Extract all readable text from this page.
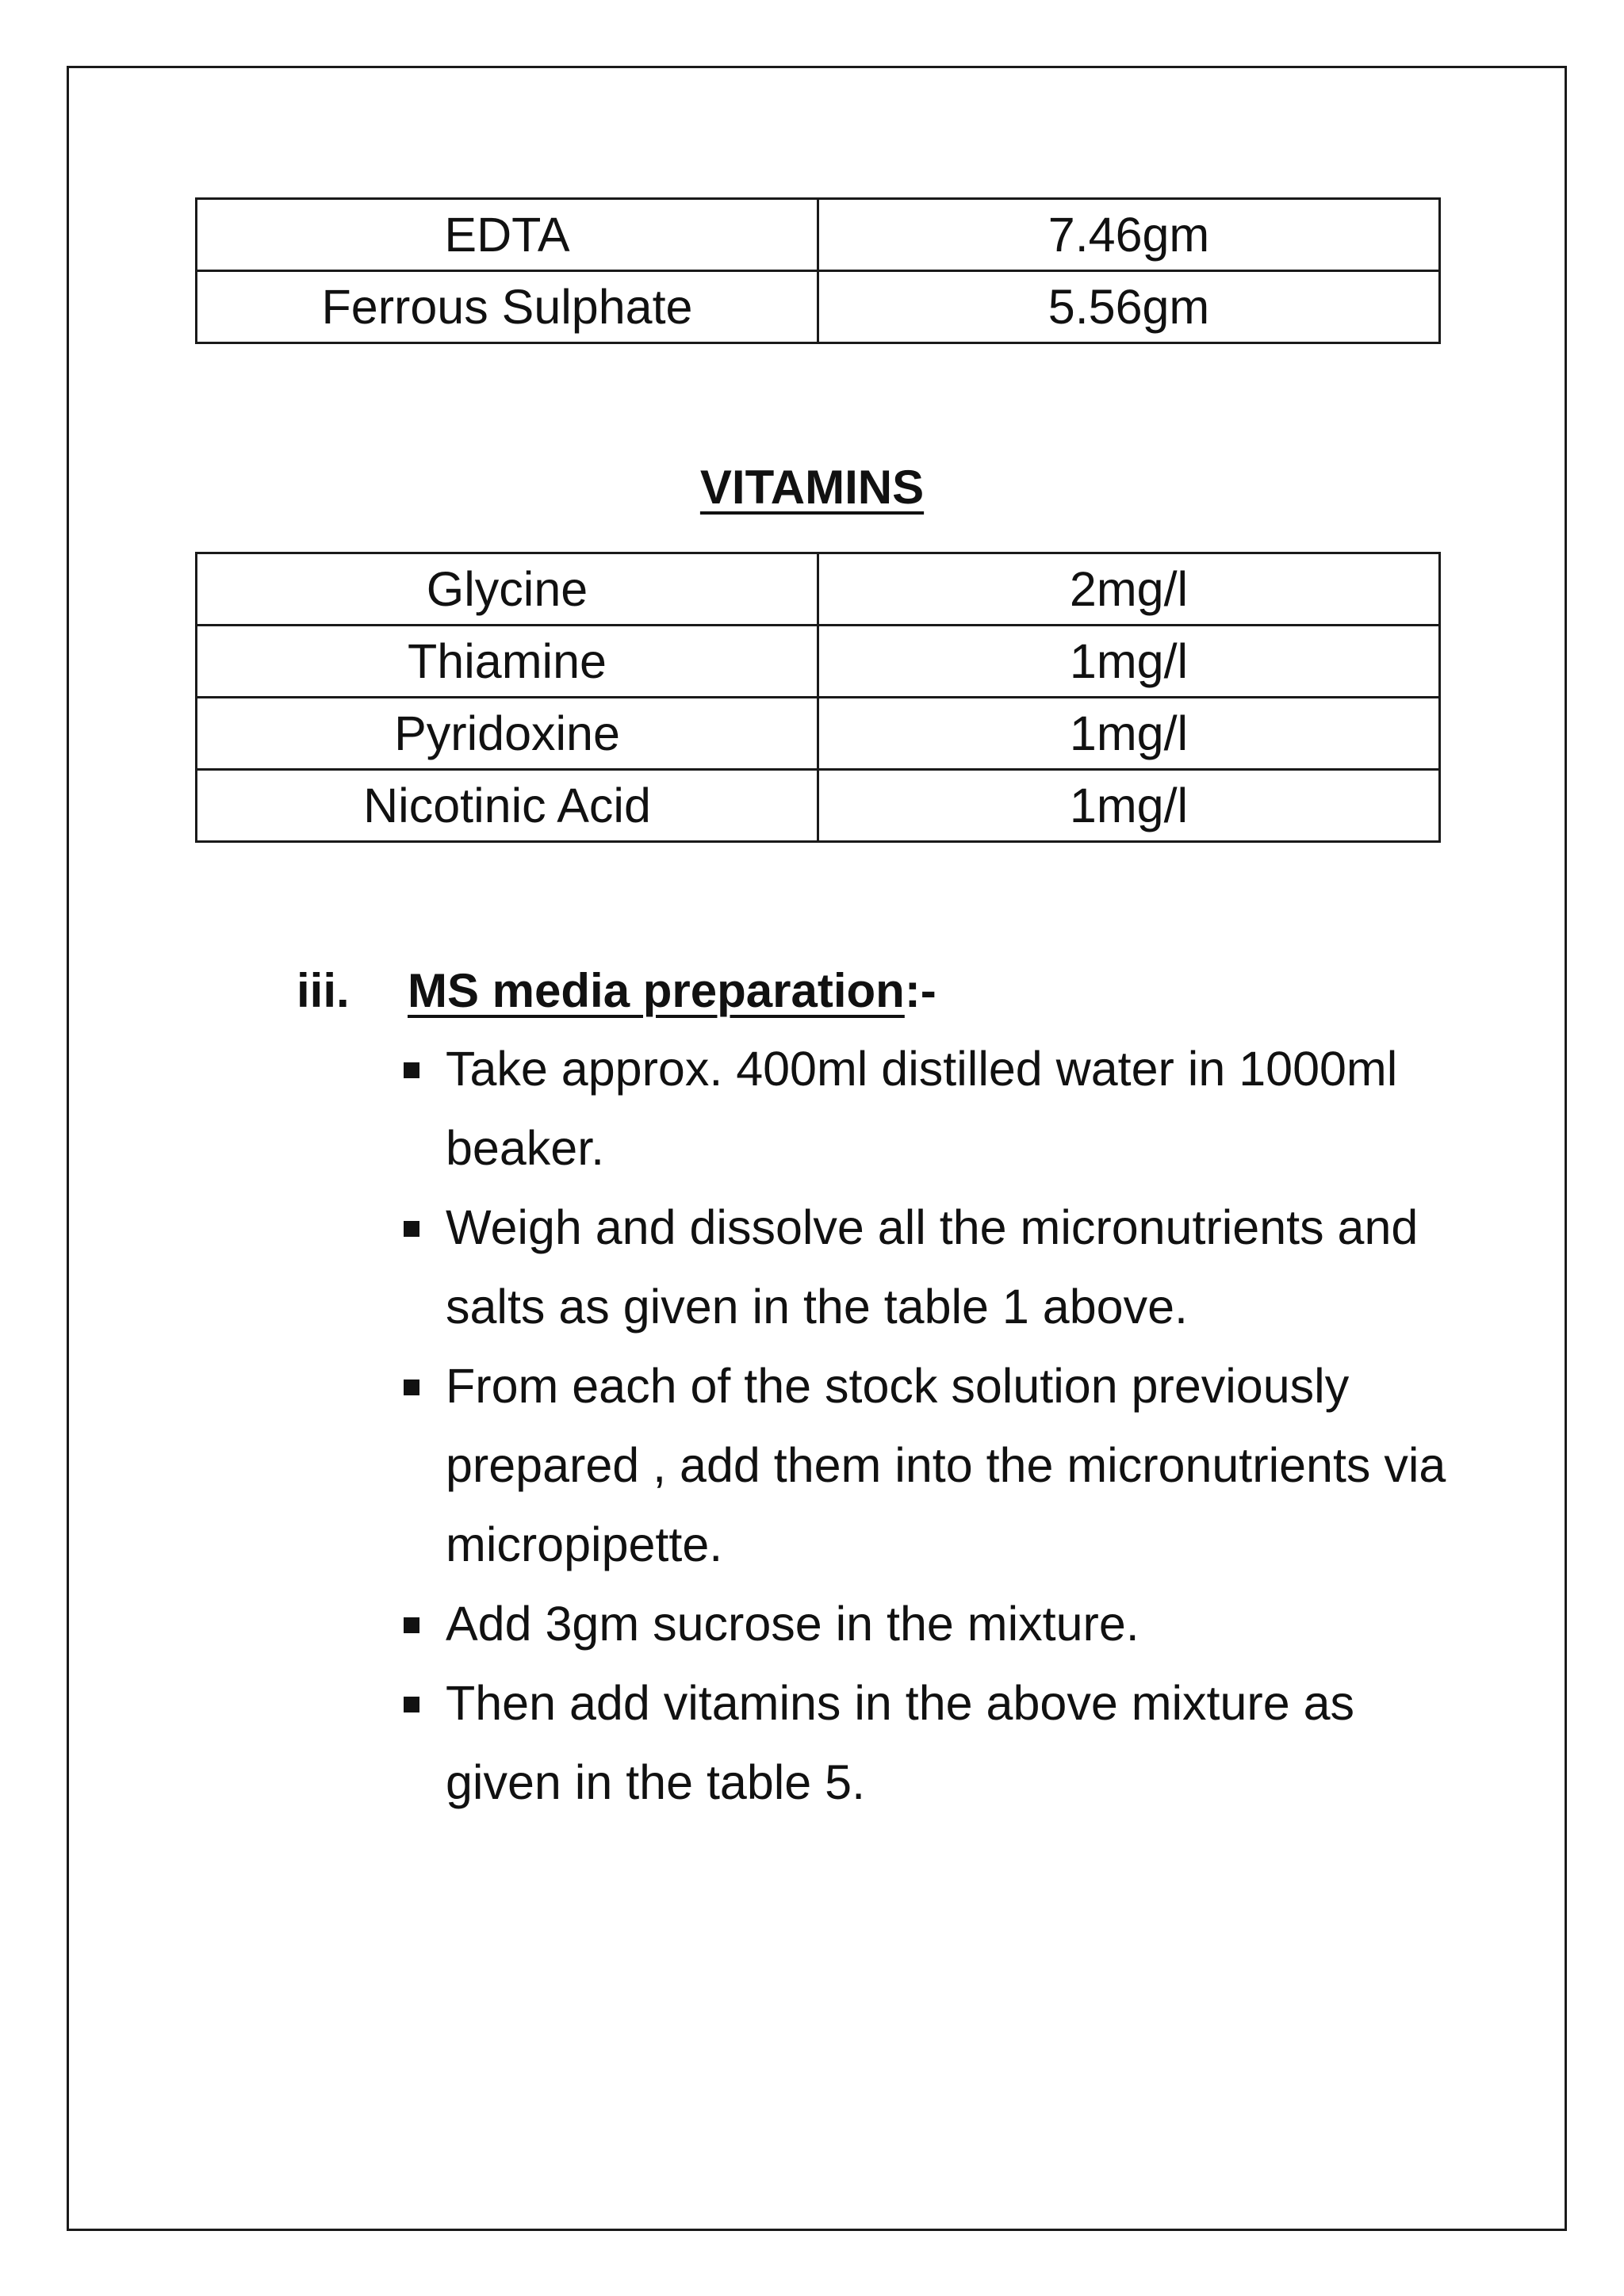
EDTA	7.46gm
Ferrous Sulphate	5.56gm
VITAMINS
Glycine	2mg/l
Thiamine	1mg/l
Pyridoxine	1mg/l
Nicotinic Acid	1mg/l
iii. MS media preparation:-
Take approx. 400ml distilled water in 1000ml beaker.
Weigh and dissolve all the micronutrients and salts as given in the table 1 above.
From each of the stock solution previously prepared , add them into the micronutrients via micropipette.
Add 3gm sucrose in the mixture.
Then add vitamins in the above mixture as given in the table 5.
